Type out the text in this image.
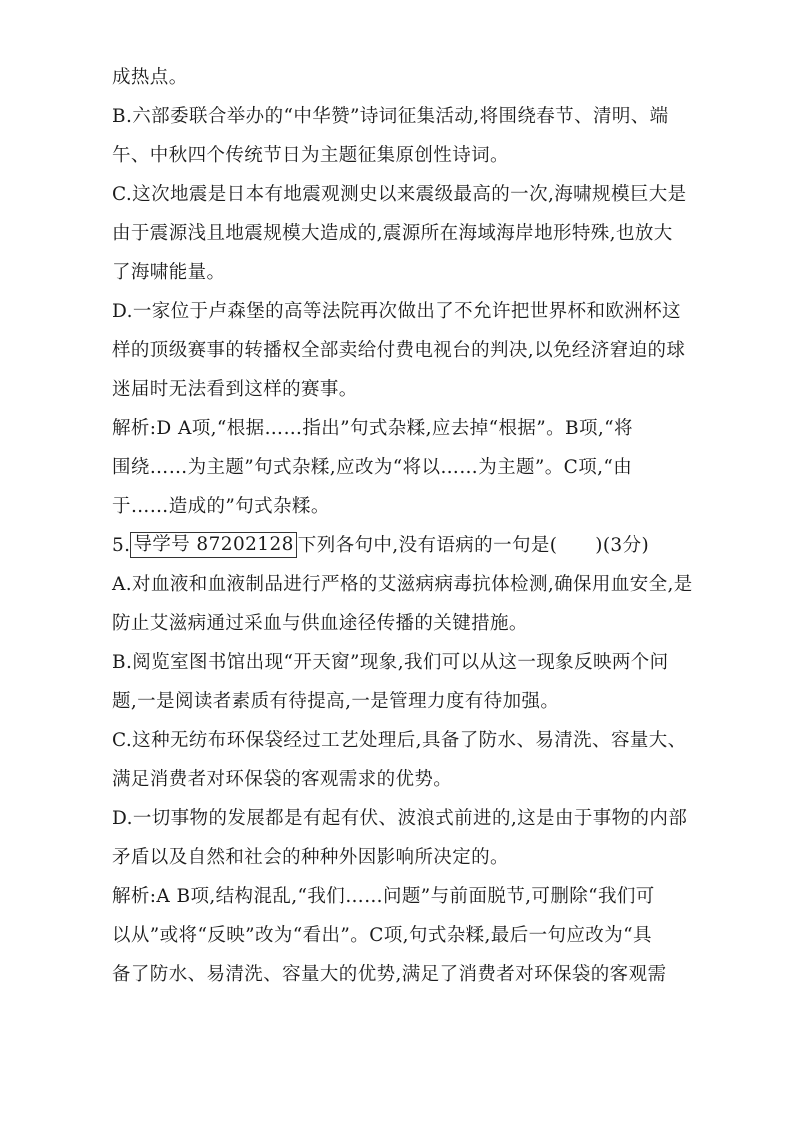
成热点。
B.六部委联合举办的“中华赞”诗词征集活动,将围绕春节、清明、端
午、中秋四个传统节日为主题征集原创性诗词。
C.这次地震是日本有地震观测史以来震级最高的一次,海啸规模巨大是
由于震源浅且地震规模大造成的,震源所在海域海岸地形特殊,也放大
了海啸能量。
D.一家位于卢森堡的高等法院再次做出了不允许把世界杯和欧洲杯这
样的顶级赛事的转播权全部卖给付费电视台的判决,以免经济窘迫的球
迷届时无法看到这样的赛事。
解析:D A项,“根据……指出”句式杂糅,应去掉“根据”。B项,“将
围绕……为主题”句式杂糅,应改为“将以……为主题”。C项,“由
于……造成的”句式杂糅。
5. 导学号 87202128 下列各句中,没有语病的一句是(　　)(3分)
A.对血液和血液制品进行严格的艾滋病病毒抗体检测,确保用血安全,是
防止艾滋病通过采血与供血途径传播的关键措施。
B.阅览室图书馆出现“开天窗”现象,我们可以从这一现象反映两个问
题,一是阅读者素质有待提高,一是管理力度有待加强。
C.这种无纺布环保袋经过工艺处理后,具备了防水、易清洗、容量大、
满足消费者对环保袋的客观需求的优势。
D.一切事物的发展都是有起有伏、波浪式前进的,这是由于事物的内部
矛盾以及自然和社会的种种外因影响所决定的。
解析:A B项,结构混乱,“我们……问题”与前面脱节,可删除“我们可
以从”或将“反映”改为“看出”。C项,句式杂糅,最后一句应改为“具
备了防水、易清洗、容量大的优势,满足了消费者对环保袋的客观需
